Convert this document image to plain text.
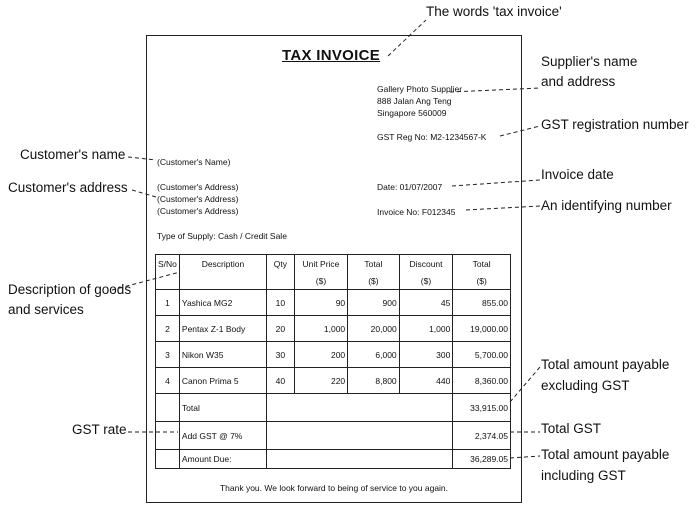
The words 'tax invoice'
Supplier's name
and address
GST registration number
Customer's name
Customer's address
Invoice date
An identifying number
Description of goods
and services
Total amount payable
excluding GST
GST rate	Total GST
Total amount payable
including GST
TAX INVOICE
Gallery Photo Supplier
888 Jalan Ang Teng
Singapore 560009
GST Reg No: M2-1234567-K
(Customer's Name)
(Customer's Address)
(Customer's Address)
(Customer's Address)
Date: 01/07/2007
Invoice No: F012345
Type of Supply: Cash / Credit Sale
S/No	Description	Qty	Unit Price	Total	Discount	Total
			($)	($)	($)	($)
1	Yashica MG2	10	90	900	45	855.00
2	Pentax Z-1 Body	20	1,000	20,000	1,000	19,000.00
3	Nikon W35	30	200	6,000	300	5,700.00
4	Canon Prima 5	40	220	8,800	440	8,360.00
	Total					33,915.00
	Add GST @ 7%					2,374.05
	Amount Due:					36,289.05
Thank you. We look forward to being of service to you again.
